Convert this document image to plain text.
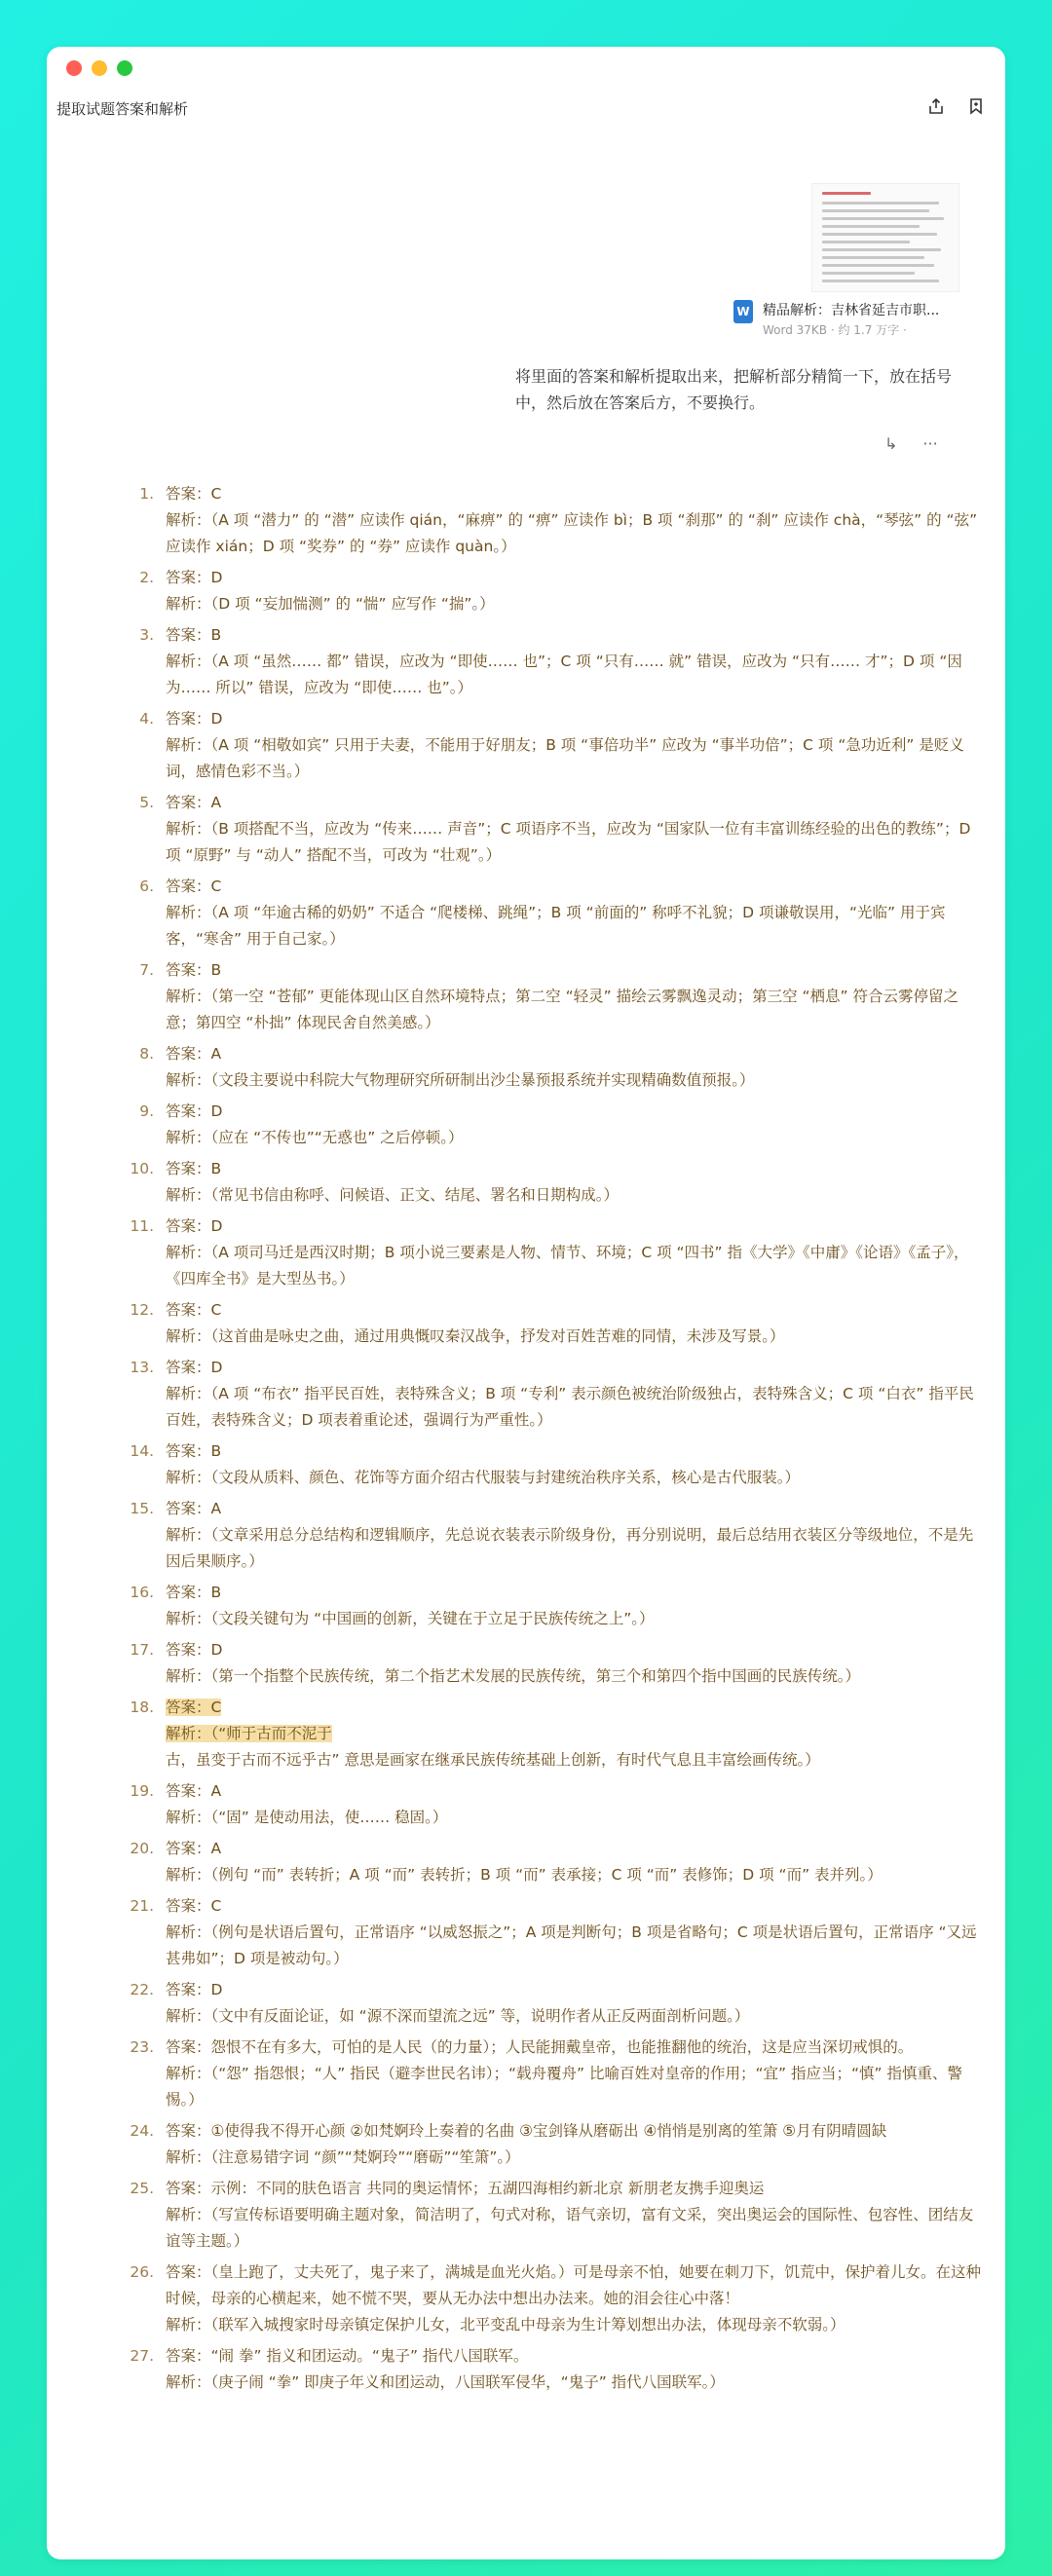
提取试题答案和解析
W 精品解析：吉林省延吉市职...
Word 37KB · 约 1.7 万字 ·
将里面的答案和解析提取出来，把解析部分精简一下，放在括号中，然后放在答案后方，不要换行。
↳ ···
1. 答案：C
解析：（A 项 “潜力” 的 “潜” 应读作 qián，“麻痹” 的 “痹” 应读作 bì；B 项 “刹那” 的 “刹” 应读作 chà，“琴弦” 的 “弦” 应读作 xián；D 项 “奖券” 的 “券” 应读作 quàn。）
2. 答案：D
解析：（D 项 “妄加惴测” 的 “惴” 应写作 “揣”。）
3. 答案：B
解析：（A 项 “虽然…… 都” 错误，应改为 “即使…… 也”；C 项 “只有…… 就” 错误，应改为 “只有…… 才”；D 项 “因为…… 所以” 错误，应改为 “即使…… 也”。）
4. 答案：D
解析：（A 项 “相敬如宾” 只用于夫妻，不能用于好朋友；B 项 “事倍功半” 应改为 “事半功倍”；C 项 “急功近利” 是贬义词，感情色彩不当。）
5. 答案：A
解析：（B 项搭配不当，应改为 “传来…… 声音”；C 项语序不当，应改为 “国家队一位有丰富训练经验的出色的教练”；D 项 “原野” 与 “动人” 搭配不当，可改为 “壮观”。）
6. 答案：C
解析：（A 项 “年逾古稀的奶奶” 不适合 “爬楼梯、跳绳”；B 项 “前面的” 称呼不礼貌；D 项谦敬误用，“光临” 用于宾客，“寒舍” 用于自己家。）
7. 答案：B
解析：（第一空 “苍郁” 更能体现山区自然环境特点；第二空 “轻灵” 描绘云雾飘逸灵动；第三空 “栖息” 符合云雾停留之意；第四空 “朴拙” 体现民舍自然美感。）
8. 答案：A
解析：（文段主要说中科院大气物理研究所研制出沙尘暴预报系统并实现精确数值预报。）
9. 答案：D
解析：（应在 “不传也”“无惑也” 之后停顿。）
10. 答案：B
解析：（常见书信由称呼、问候语、正文、结尾、署名和日期构成。）
11. 答案：D
解析：（A 项司马迁是西汉时期；B 项小说三要素是人物、情节、环境；C 项 “四书” 指《大学》《中庸》《论语》《孟子》，《四库全书》是大型丛书。）
12. 答案：C
解析：（这首曲是咏史之曲，通过用典慨叹秦汉战争，抒发对百姓苦难的同情，未涉及写景。）
13. 答案：D
解析：（A 项 “布衣” 指平民百姓，表特殊含义；B 项 “专利” 表示颜色被统治阶级独占，表特殊含义；C 项 “白衣” 指平民百姓，表特殊含义；D 项表着重论述，强调行为严重性。）
14. 答案：B
解析：（文段从质料、颜色、花饰等方面介绍古代服装与封建统治秩序关系，核心是古代服装。）
15. 答案：A
解析：（文章采用总分总结构和逻辑顺序，先总说衣装表示阶级身份，再分别说明，最后总结用衣装区分等级地位，不是先因后果顺序。）
16. 答案：B
解析：（文段关键句为 “中国画的创新，关键在于立足于民族传统之上”。）
17. 答案：D
解析：（第一个指整个民族传统，第二个指艺术发展的民族传统，第三个和第四个指中国画的民族传统。）
18. 答案：C
解析：（“师于古而不泥于古，虽变于古而不远乎古” 意思是画家在继承民族传统基础上创新，有时代气息且丰富绘画传统。）
19. 答案：A
解析：（“固” 是使动用法，使…… 稳固。）
20. 答案：A
解析：（例句 “而” 表转折；A 项 “而” 表转折；B 项 “而” 表承接；C 项 “而” 表修饰；D 项 “而” 表并列。）
21. 答案：C
解析：（例句是状语后置句，正常语序 “以威怒振之”；A 项是判断句；B 项是省略句；C 项是状语后置句，正常语序 “又远甚弗如”；D 项是被动句。）
22. 答案：D
解析：（文中有反面论证，如 “源不深而望流之远” 等，说明作者从正反两面剖析问题。）
23. 答案：怨恨不在有多大，可怕的是人民（的力量）；人民能拥戴皇帝，也能推翻他的统治，这是应当深切戒惧的。
解析：（“怨” 指怨恨；“人” 指民（避李世民名讳）；“载舟覆舟” 比喻百姓对皇帝的作用；“宜” 指应当；“慎” 指慎重、警惕。）
24. 答案：①使得我不得开心颜 ②如梵婀玲上奏着的名曲 ③宝剑锋从磨砺出 ④悄悄是别离的笙箫 ⑤月有阴晴圆缺
解析：（注意易错字词 “颜”“梵婀玲”“磨砺”“笙箫”。）
25. 答案：示例：不同的肤色语言 共同的奥运情怀；五湖四海相约新北京 新朋老友携手迎奥运
解析：（写宣传标语要明确主题对象，简洁明了，句式对称，语气亲切，富有文采，突出奥运会的国际性、包容性、团结友谊等主题。）
26. 答案：（皇上跑了，丈夫死了，鬼子来了，满城是血光火焰。）可是母亲不怕，她要在刺刀下，饥荒中，保护着儿女。在这种时候，母亲的心横起来，她不慌不哭，要从无办法中想出办法来。她的泪会往心中落！
解析：（联军入城搜家时母亲镇定保护儿女，北平变乱中母亲为生计筹划想出办法，体现母亲不软弱。）
27. 答案：“闹 拳” 指义和团运动。“鬼子” 指代八国联军。
解析：（庚子闹 “拳” 即庚子年义和团运动，八国联军侵华，“鬼子” 指代八国联军。）
